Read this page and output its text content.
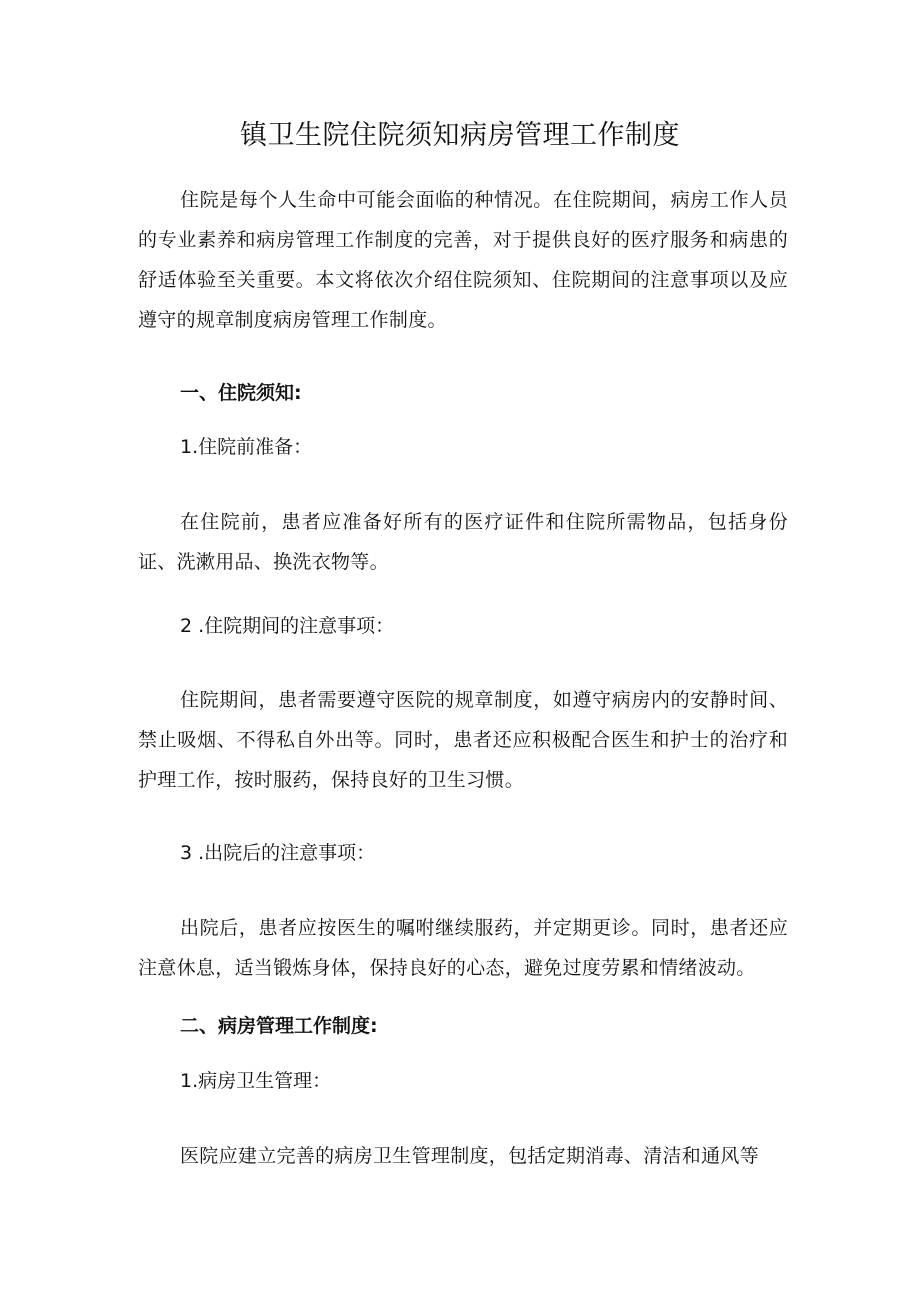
镇卫生院住院须知病房管理工作制度

住院是每个人生命中可能会面临的种情况。在住院期间，病房工作人员的专业素养和病房管理工作制度的完善，对于提供良好的医疗服务和病患的舒适体验至关重要。本文将依次介绍住院须知、住院期间的注意事项以及应遵守的规章制度病房管理工作制度。

一、住院须知:
1.住院前准备：

在住院前，患者应准备好所有的医疗证件和住院所需物品，包括身份证、洗漱用品、换洗衣物等。

2 .住院期间的注意事项：

住院期间，患者需要遵守医院的规章制度，如遵守病房内的安静时间、禁止吸烟、不得私自外出等。同时，患者还应积极配合医生和护士的治疗和护理工作，按时服药，保持良好的卫生习惯。

3 .出院后的注意事项：

出院后，患者应按医生的嘱咐继续服药，并定期更诊。同时，患者还应注意休息，适当锻炼身体，保持良好的心态，避免过度劳累和情绪波动。

二、病房管理工作制度:
1.病房卫生管理：

医院应建立完善的病房卫生管理制度，包括定期消毒、清洁和通风等
